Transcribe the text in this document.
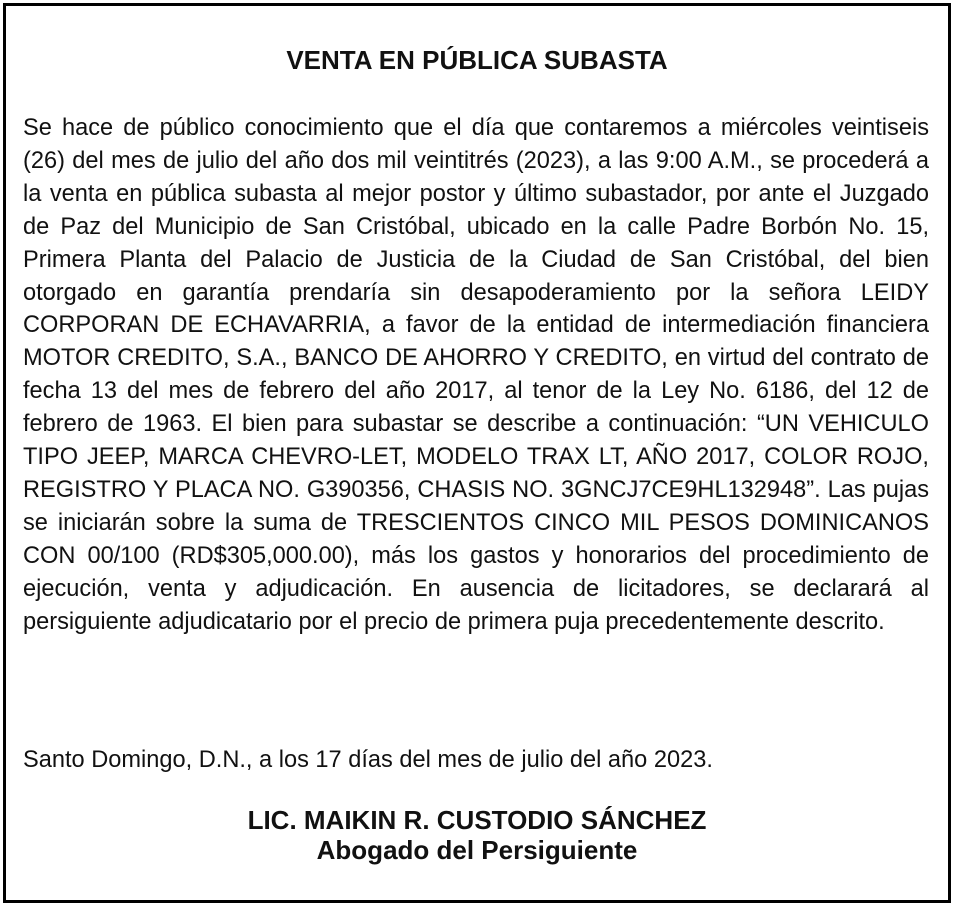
VENTA EN PÚBLICA SUBASTA

Se hace de público conocimiento que el día que contaremos a miércoles veintiseis (26) del mes de julio del año dos mil veintitrés (2023), a las 9:00 A.M., se procederá a la venta en pública subasta al mejor postor y último subastador, por ante el Juzgado de Paz del Municipio de San Cristóbal, ubicado en la calle Padre Borbón No. 15, Primera Planta del Palacio de Justicia de la Ciudad de San Cristóbal, del bien otorgado en garantía prendaría sin desapoderamiento por la señora LEIDY CORPORAN DE ECHAVARRIA, a favor de la entidad de intermediación financiera MOTOR CREDITO, S.A., BANCO DE AHORRO Y CREDITO, en virtud del contrato de fecha 13 del mes de febrero del año 2017, al tenor de la Ley No. 6186, del 12 de febrero de 1963. El bien para subastar se describe a continuación: “UN VEHICULO TIPO JEEP, MARCA CHEVRO-LET, MODELO TRAX LT, AÑO 2017, COLOR ROJO, REGISTRO Y PLACA NO. G390356, CHASIS NO. 3GNCJ7CE9HL132948”. Las pujas se iniciarán sobre la suma de TRESCIENTOS CINCO MIL PESOS DOMINICANOS CON 00/100 (RD$305,000.00), más los gastos y honorarios del procedimiento de ejecución, venta y adjudicación. En ausencia de licitadores, se declarará al persiguiente adjudicatario por el precio de primera puja precedentemente descrito.

Santo Domingo, D.N., a los 17 días del mes de julio del año 2023.

LIC. MAIKIN R. CUSTODIO SÁNCHEZ
Abogado del Persiguiente
